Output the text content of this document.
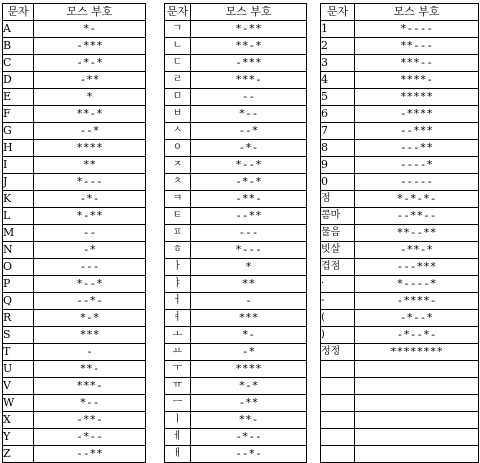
문자	모스 부호
A	*-
B	-***
C	-*-*
D	-**
E	*
F	**-*
G	--*
H	****
I	**
J	*---
K	-*-
L	*-**
M	--
N	-*
O	---
P	*--*
Q	--*-
R	*-*
S	***
T	-
U	**-
V	***-
W	*--
X	-**-
Y	-*--
Z	--**
문자	모스 부호
ㄱ	*-**
ㄴ	**-*
ㄷ	-***
ㄹ	***-
ㅁ	--
ㅂ	*--
ㅅ	--*
ㅇ	-*-
ㅈ	*--*
ㅊ	-*-*
ㅋ	-**-
ㅌ	--**
ㅍ	---
ㅎ	*---
ㅏ	*
ㅑ	**
ㅓ	-
ㅕ	***
ㅗ	*-
ㅛ	-*
ㅜ	****
ㅠ	*-*
ㅡ	-**
ㅣ	**-
ㅔ	-*--
ㅐ	--*-
문자	모스 부호
1	*----
2	**---
3	***--
4	****-
5	*****
6	-****
7	--***
8	---**
9	----*
0	-----
점	*-*-*-
콤마	--**--
물음	**--**
빗살	-**-*
겹점	---***
·	*----*
-	-****-
(	-*--*
)	-*--*-
정정	********
